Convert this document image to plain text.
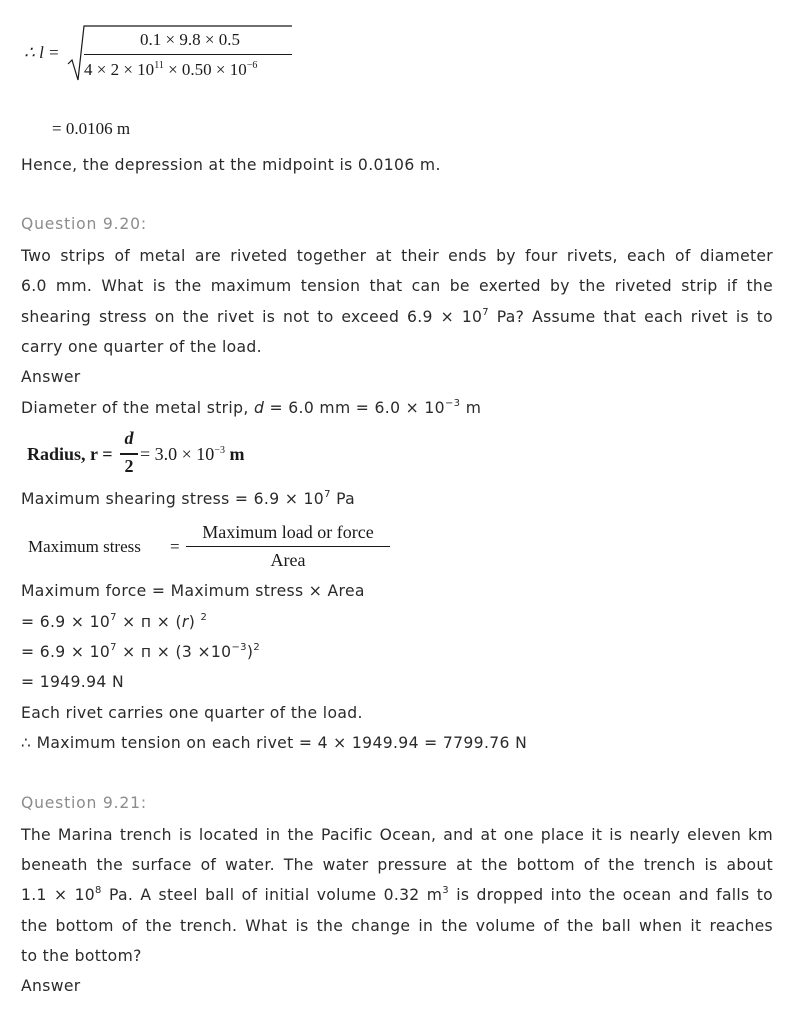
∴ l =
0.1 × 9.8 × 0.5
$4 \times 2 \times 10^{11} \times 0.50 \times 10^{-6}$
= 0.0106 m
Hence, the depression at the midpoint is 0.0106 m.
Question 9.20:
Two strips of metal are riveted together at their ends by four rivets, each of diameter
6.0 mm. What is the maximum tension that can be exerted by the riveted strip if the
shearing stress on the rivet is not to exceed $6.9 \times 10^7$ Pa? Assume that each rivet is to
carry one quarter of the load.
Answer
Diameter of the metal strip, d = 6.0 mm = $6.0 \times 10^{-3}$ m
Radius, r =
d
2
= $3.0 \times 10^{-3}$ m
Maximum shearing stress = $6.9 \times 10^7$ Pa
Maximum stress =
Maximum load or force
Area
Maximum force = Maximum stress × Area
= $6.9 \times 10^7 \times п \times (r)$ $^2$
= $6.9 \times 10^7 \times п \times (3 \times 10^{-3})^2$
= 1949.94 N
Each rivet carries one quarter of the load.
∴ Maximum tension on each rivet = 4 × 1949.94 = 7799.76 N
Question 9.21:
The Marina trench is located in the Pacific Ocean, and at one place it is nearly eleven km
beneath the surface of water. The water pressure at the bottom of the trench is about
$1.1 \times 10^8$ Pa. A steel ball of initial volume 0.32 $m^3$ is dropped into the ocean and falls to
the bottom of the trench. What is the change in the volume of the ball when it reaches
to the bottom?
Answer
